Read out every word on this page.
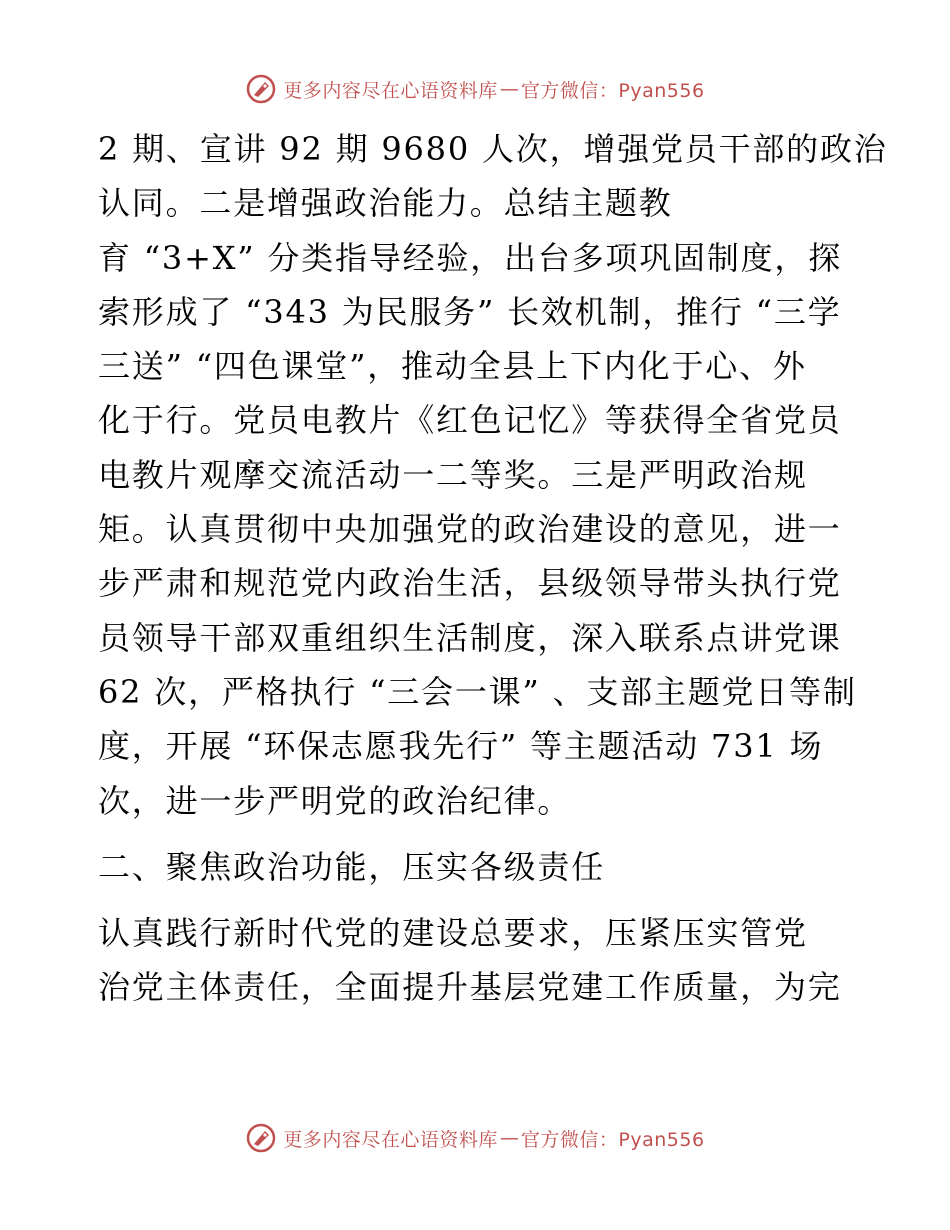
更多内容尽在心语资料库 — 官方微信：Pyan556
2 期、宣讲 92 期 9680 人次，增强党员干部的政治
认同。二是增强政治能力。总结主题教
育 “3+X” 分类指导经验，出台多项巩固制度，探
索形成了 “343 为民服务” 长效机制，推行 “三学
三送” “四色课堂”，推动全县上下内化于心、外
化于行。党员电教片《红色记忆》等获得全省党员
电教片观摩交流活动一二等奖。三是严明政治规
矩。认真贯彻中央加强党的政治建设的意见，进一
步严肃和规范党内政治生活，县级领导带头执行党
员领导干部双重组织生活制度，深入联系点讲党课
62 次，严格执行 “三会一课” 、支部主题党日等制
度，开展 “环保志愿我先行” 等主题活动 731 场
次，进一步严明党的政治纪律。
二、聚焦政治功能，压实各级责任
认真践行新时代党的建设总要求，压紧压实管党
治党主体责任，全面提升基层党建工作质量，为完
更多内容尽在心语资料库 — 官方微信：Pyan556
